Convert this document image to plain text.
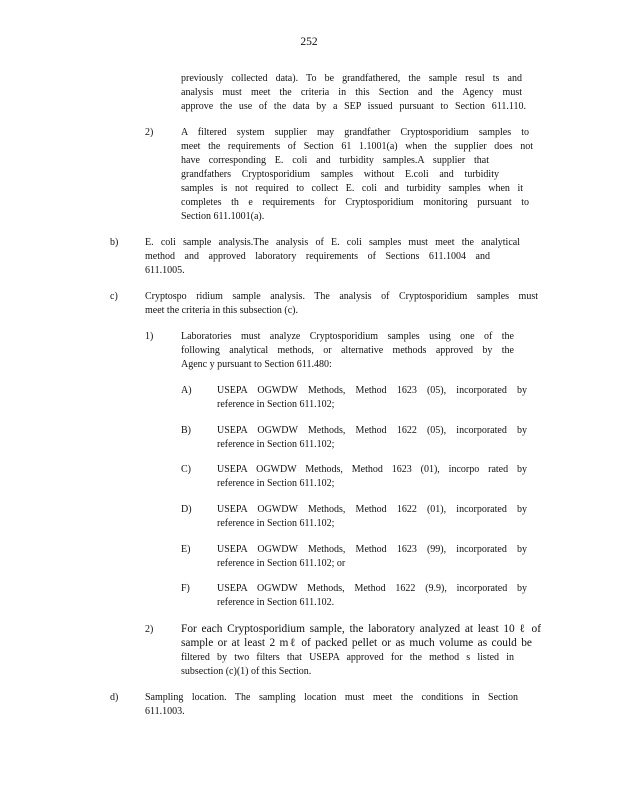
252
previously collected data). To be grandfathered, the sample resul ts and
analysis must meet the criteria in this Section and the Agency must
approve the use of the data by a SEP issued pursuant to Section 611.110.
2)	A filtered system supplier may grandfather Cryptosporidium samples to
meet the requirements of Section 61 1.1001(a) when the supplier does not
have corresponding E. coli and turbidity samples.A supplier that
grandfathers Cryptosporidium samples without E.coli and turbidity
samples is not required to collect E. coli and turbidity samples when it
completes th e requirements for Cryptosporidium monitoring pursuant to
Section 611.1001(a).
b)	E. coli sample analysis.The analysis of E. coli samples must meet the analytical
method and approved laboratory requirements of Sections 611.1004 and
611.1005.
c)	Cryptospo ridium sample analysis. The analysis of Cryptosporidium samples must
meet the criteria in this subsection (c).
1)	Laboratories must analyze Cryptosporidium samples using one of the
following analytical methods, or alternative methods approved by the
Agenc y pursuant to Section 611.480:
A)	USEPA OGWDW Methods, Method 1623 (05), incorporated by
reference in Section 611.102;
B)	USEPA OGWDW Methods, Method 1622 (05), incorporated by
reference in Section 611.102;
C)	USEPA OGWDW Methods, Method 1623 (01), incorpo rated by
reference in Section 611.102;
D)	USEPA OGWDW Methods, Method 1622 (01), incorporated by
reference in Section 611.102;
E)	USEPA OGWDW Methods, Method 1623 (99), incorporated by
reference in Section 611.102; or
F)	USEPA OGWDW Methods, Method 1622 (9.9), incorporated by
reference in Section 611.102.
2) For each Cryptosporidium sample, the laboratory analyzed at least 10 ℓ of
sample or at least 2 mℓ of packed pellet or as much volume as could be
filtered by two filters that USEPA approved for the method s listed in
subsection (c)(1) of this Section.
d)	Sampling location. The sampling location must meet the conditions in Section
611.1003.
